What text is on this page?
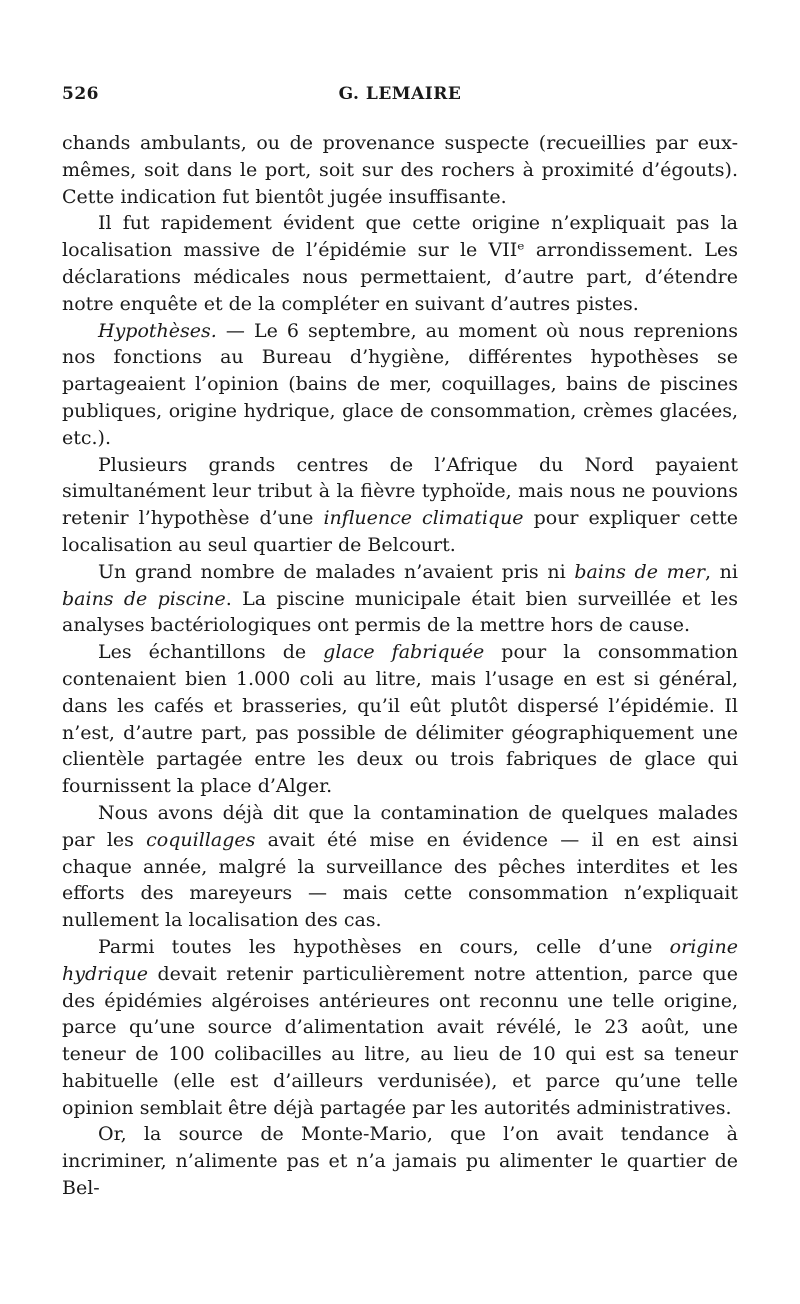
526	G. LEMAIRE

chands ambulants, ou de provenance suspecte (recueillies par eux-mêmes, soit dans le port, soit sur des rochers à proximité d’égouts). Cette indication fut bientôt jugée insuffisante.

Il fut rapidement évident que cette origine n’expliquait pas la localisation massive de l’épidémie sur le VIIᵉ arrondissement. Les déclarations médicales nous permettaient, d’autre part, d’étendre notre enquête et de la compléter en suivant d’autres pistes.

Hypothèses. — Le 6 septembre, au moment où nous reprenions nos fonctions au Bureau d’hygiène, différentes hypothèses se partageaient l’opinion (bains de mer, coquillages, bains de piscines publiques, origine hydrique, glace de consommation, crèmes glacées, etc.).

Plusieurs grands centres de l’Afrique du Nord payaient simultanément leur tribut à la fièvre typhoïde, mais nous ne pouvions retenir l’hypothèse d’une influence climatique pour expliquer cette localisation au seul quartier de Belcourt.

Un grand nombre de malades n’avaient pris ni bains de mer, ni bains de piscine. La piscine municipale était bien surveillée et les analyses bactériologiques ont permis de la mettre hors de cause.

Les échantillons de glace fabriquée pour la consommation contenaient bien 1.000 coli au litre, mais l’usage en est si général, dans les cafés et brasseries, qu’il eût plutôt dispersé l’épidémie. Il n’est, d’autre part, pas possible de délimiter géographiquement une clientèle partagée entre les deux ou trois fabriques de glace qui fournissent la place d’Alger.

Nous avons déjà dit que la contamination de quelques malades par les coquillages avait été mise en évidence — il en est ainsi chaque année, malgré la surveillance des pêches interdites et les efforts des mareyeurs — mais cette consommation n’expliquait nullement la localisation des cas.

Parmi toutes les hypothèses en cours, celle d’une origine hydrique devait retenir particulièrement notre attention, parce que des épidémies algéroises antérieures ont reconnu une telle origine, parce qu’une source d’alimentation avait révélé, le 23 août, une teneur de 100 colibacilles au litre, au lieu de 10 qui est sa teneur habituelle (elle est d’ailleurs verdunisée), et parce qu’une telle opinion semblait être déjà partagée par les autorités administratives.

Or, la source de Monte-Mario, que l’on avait tendance à incriminer, n’alimente pas et n’a jamais pu alimenter le quartier de Bel-
